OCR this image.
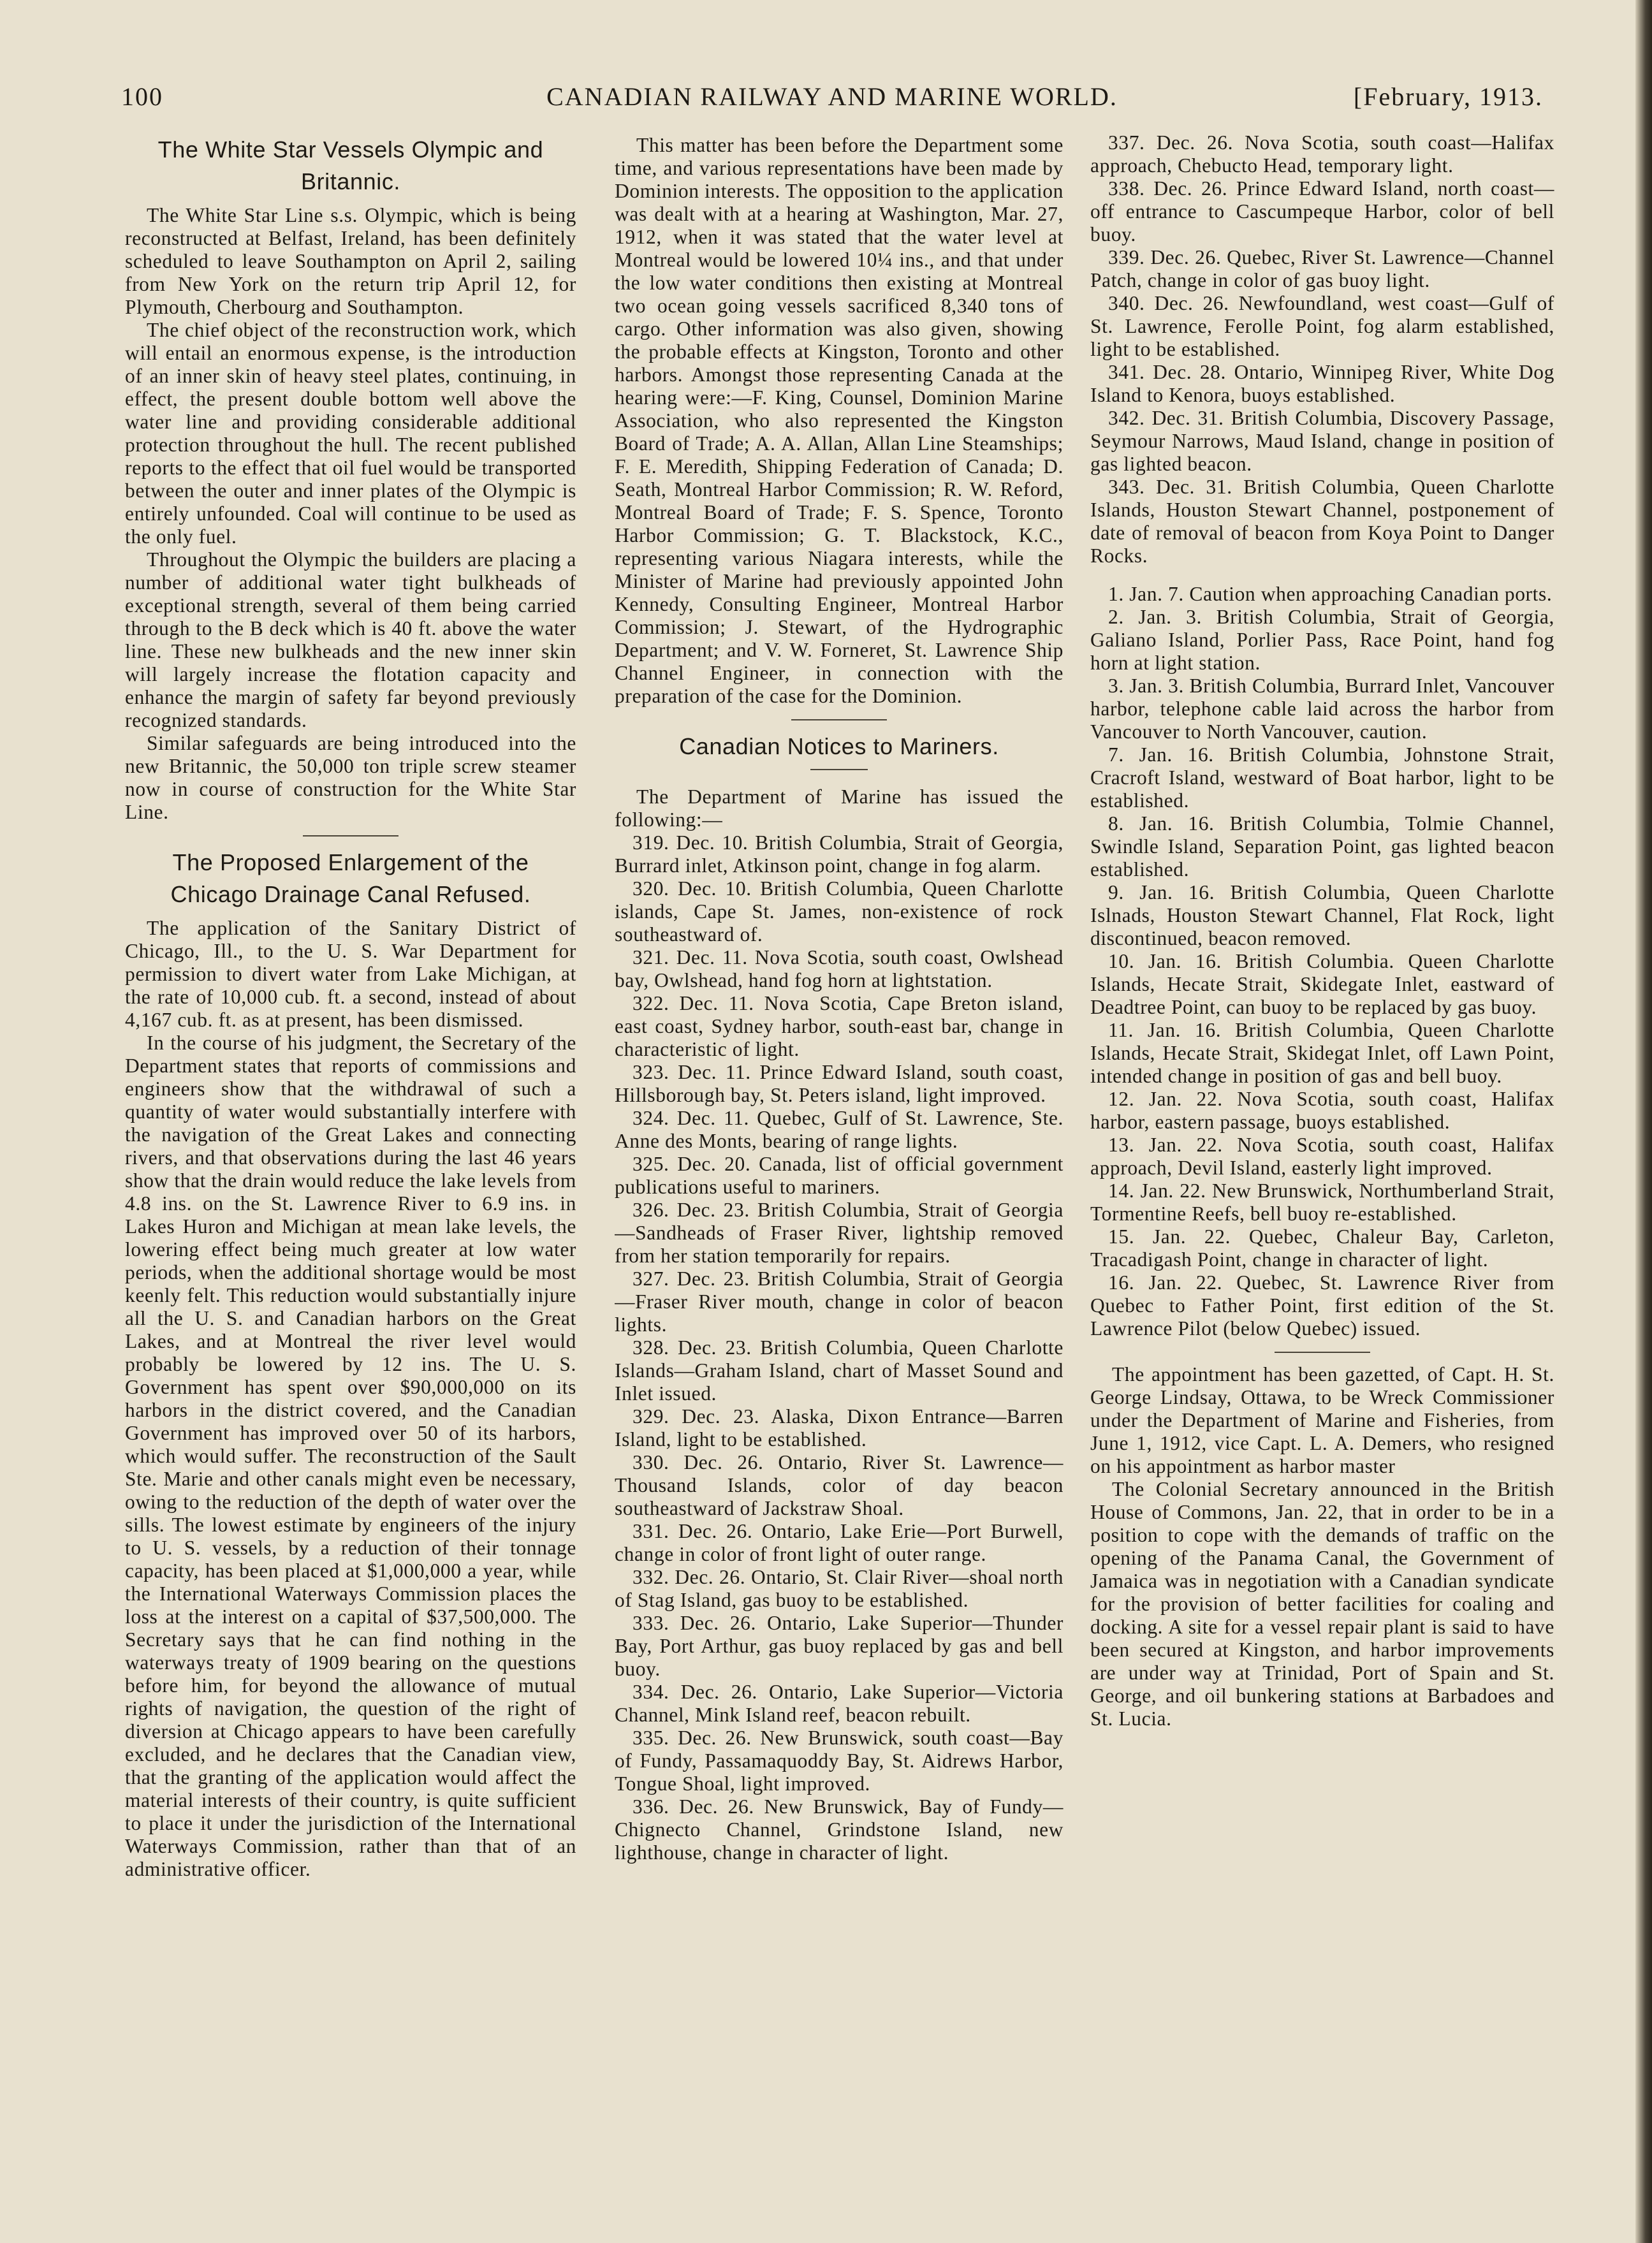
100	CANADIAN RAILWAY AND MARINE WORLD.	[February, 1913.
The White Star Vessels Olympic and Britannic.

The White Star Line s.s. Olympic, which is being reconstructed at Belfast, Ireland, has been definitely scheduled to leave Southampton on April 2, sailing from New York on the return trip April 12, for Plymouth, Cherbourg and Southampton.

The chief object of the reconstruction work, which will entail an enormous expense, is the introduction of an inner skin of heavy steel plates, continuing, in effect, the present double bottom well above the water line and providing considerable additional protection throughout the hull. The recent published reports to the effect that oil fuel would be transported between the outer and inner plates of the Olympic is entirely unfounded. Coal will continue to be used as the only fuel.

Throughout the Olympic the builders are placing a number of additional water tight bulkheads of exceptional strength, several of them being carried through to the B deck which is 40 ft. above the water line. These new bulkheads and the new inner skin will largely increase the flotation capacity and enhance the margin of safety far beyond previously recognized standards.

Similar safeguards are being introduced into the new Britannic, the 50,000 ton triple screw steamer now in course of construction for the White Star Line.

The Proposed Enlargement of the Chicago Drainage Canal Refused.

The application of the Sanitary District of Chicago, Ill., to the U. S. War Department for permission to divert water from Lake Michigan, at the rate of 10,000 cub. ft. a second, instead of about 4,167 cub. ft. as at present, has been dismissed.

In the course of his judgment, the Secretary of the Department states that reports of commissions and engineers show that the withdrawal of such a quantity of water would substantially interfere with the navigation of the Great Lakes and connecting rivers, and that observations during the last 46 years show that the drain would reduce the lake levels from 4.8 ins. on the St. Lawrence River to 6.9 ins. in Lakes Huron and Michigan at mean lake levels, the lowering effect being much greater at low water periods, when the additional shortage would be most keenly felt. This reduction would substantially injure all the U. S. and Canadian harbors on the Great Lakes, and at Montreal the river level would probably be lowered by 12 ins. The U. S. Government has spent over $90,000,000 on its harbors in the district covered, and the Canadian Government has improved over 50 of its harbors, which would suffer. The reconstruction of the Sault Ste. Marie and other canals might even be necessary, owing to the reduction of the depth of water over the sills. The lowest estimate by engineers of the injury to U. S. vessels, by a reduction of their tonnage capacity, has been placed at $1,000,000 a year, while the International Waterways Commission places the loss at the interest on a capital of $37,500,000. The Secretary says that he can find nothing in the waterways treaty of 1909 bearing on the questions before him, for beyond the allowance of mutual rights of navigation, the question of the right of diversion at Chicago appears to have been carefully excluded, and he declares that the Canadian view, that the granting of the application would affect the material interests of their country, is quite sufficient to place it under the jurisdiction of the International Waterways Commission, rather than that of an administrative officer.

This matter has been before the Department some time, and various representations have been made by Dominion interests. The opposition to the application was dealt with at a hearing at Washington, Mar. 27, 1912, when it was stated that the water level at Montreal would be lowered 10¼ ins., and that under the low water conditions then existing at Montreal two ocean going vessels sacrificed 8,340 tons of cargo. Other information was also given, showing the probable effects at Kingston, Toronto and other harbors. Amongst those representing Canada at the hearing were:—F. King, Counsel, Dominion Marine Association, who also represented the Kingston Board of Trade; A. A. Allan, Allan Line Steamships; F. E. Meredith, Shipping Federation of Canada; D. Seath, Montreal Harbor Commission; R. W. Reford, Montreal Board of Trade; F. S. Spence, Toronto Harbor Commission; G. T. Blackstock, K.C., representing various Niagara interests, while the Minister of Marine had previously appointed John Kennedy, Consulting Engineer, Montreal Harbor Commission; J. Stewart, of the Hydrographic Department; and V. W. Forneret, St. Lawrence Ship Channel Engineer, in connection with the preparation of the case for the Dominion.

Canadian Notices to Mariners.

The Department of Marine has issued the following:—

319. Dec. 10. British Columbia, Strait of Georgia, Burrard inlet, Atkinson point, change in fog alarm.

320. Dec. 10. British Columbia, Queen Charlotte islands, Cape St. James, non-existence of rock southeastward of.

321. Dec. 11. Nova Scotia, south coast, Owlshead bay, Owlshead, hand fog horn at lightstation.

322. Dec. 11. Nova Scotia, Cape Breton island, east coast, Sydney harbor, south-east bar, change in characteristic of light.

323. Dec. 11. Prince Edward Island, south coast, Hillsborough bay, St. Peters island, light improved.

324. Dec. 11. Quebec, Gulf of St. Lawrence, Ste. Anne des Monts, bearing of range lights.

325. Dec. 20. Canada, list of official government publications useful to mariners.

326. Dec. 23. British Columbia, Strait of Georgia—Sandheads of Fraser River, lightship removed from her station temporarily for repairs.

327. Dec. 23. British Columbia, Strait of Georgia—Fraser River mouth, change in color of beacon lights.

328. Dec. 23. British Columbia, Queen Charlotte Islands—Graham Island, chart of Masset Sound and Inlet issued.

329. Dec. 23. Alaska, Dixon Entrance—Barren Island, light to be established.

330. Dec. 26. Ontario, River St. Lawrence—Thousand Islands, color of day beacon southeastward of Jackstraw Shoal.

331. Dec. 26. Ontario, Lake Erie—Port Burwell, change in color of front light of outer range.

332. Dec. 26. Ontario, St. Clair River—shoal north of Stag Island, gas buoy to be established.

333. Dec. 26. Ontario, Lake Superior—Thunder Bay, Port Arthur, gas buoy replaced by gas and bell buoy.

334. Dec. 26. Ontario, Lake Superior—Victoria Channel, Mink Island reef, beacon rebuilt.

335. Dec. 26. New Brunswick, south coast—Bay of Fundy, Passamaquoddy Bay, St. Aidrews Harbor, Tongue Shoal, light improved.

336. Dec. 26. New Brunswick, Bay of Fundy—Chignecto Channel, Grindstone Island, new lighthouse, change in character of light.

337. Dec. 26. Nova Scotia, south coast—Halifax approach, Chebucto Head, temporary light.

338. Dec. 26. Prince Edward Island, north coast—off entrance to Cascumpeque Harbor, color of bell buoy.

339. Dec. 26. Quebec, River St. Lawrence—Channel Patch, change in color of gas buoy light.

340. Dec. 26. Newfoundland, west coast—Gulf of St. Lawrence, Ferolle Point, fog alarm established, light to be established.

341. Dec. 28. Ontario, Winnipeg River, White Dog Island to Kenora, buoys established.

342. Dec. 31. British Columbia, Discovery Passage, Seymour Narrows, Maud Island, change in position of gas lighted beacon.

343. Dec. 31. British Columbia, Queen Charlotte Islands, Houston Stewart Channel, postponement of date of removal of beacon from Koya Point to Danger Rocks.

1. Jan. 7. Caution when approaching Canadian ports.

2. Jan. 3. British Columbia, Strait of Georgia, Galiano Island, Porlier Pass, Race Point, hand fog horn at light station.

3. Jan. 3. British Columbia, Burrard Inlet, Vancouver harbor, telephone cable laid across the harbor from Vancouver to North Vancouver, caution.

7. Jan. 16. British Columbia, Johnstone Strait, Cracroft Island, westward of Boat harbor, light to be established.

8. Jan. 16. British Columbia, Tolmie Channel, Swindle Island, Separation Point, gas lighted beacon established.

9. Jan. 16. British Columbia, Queen Charlotte Islnads, Houston Stewart Channel, Flat Rock, light discontinued, beacon removed.

10. Jan. 16. British Columbia. Queen Charlotte Islands, Hecate Strait, Skidegate Inlet, eastward of Deadtree Point, can buoy to be replaced by gas buoy.

11. Jan. 16. British Columbia, Queen Charlotte Islands, Hecate Strait, Skidegat Inlet, off Lawn Point, intended change in position of gas and bell buoy.

12. Jan. 22. Nova Scotia, south coast, Halifax harbor, eastern passage, buoys established.

13. Jan. 22. Nova Scotia, south coast, Halifax approach, Devil Island, easterly light improved.

14. Jan. 22. New Brunswick, Northumberland Strait, Tormentine Reefs, bell buoy re-established.

15. Jan. 22. Quebec, Chaleur Bay, Carleton, Tracadigash Point, change in character of light.

16. Jan. 22. Quebec, St. Lawrence River from Quebec to Father Point, first edition of the St. Lawrence Pilot (below Quebec) issued.

The appointment has been gazetted, of Capt. H. St. George Lindsay, Ottawa, to be Wreck Commissioner under the Department of Marine and Fisheries, from June 1, 1912, vice Capt. L. A. Demers, who resigned on his appointment as harbor master

The Colonial Secretary announced in the British House of Commons, Jan. 22, that in order to be in a position to cope with the demands of traffic on the opening of the Panama Canal, the Government of Jamaica was in negotiation with a Canadian syndicate for the provision of better facilities for coaling and docking. A site for a vessel repair plant is said to have been secured at Kingston, and harbor improvements are under way at Trinidad, Port of Spain and St. George, and oil bunkering stations at Barbadoes and St. Lucia.
